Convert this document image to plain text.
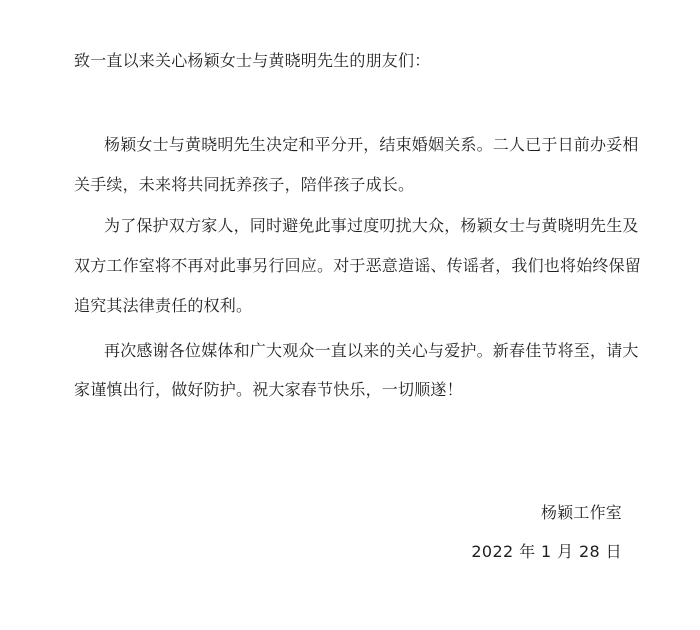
致一直以来关心杨颖女士与黄晓明先生的朋友们：
杨颖女士与黄晓明先生决定和平分开，结束婚姻关系。二人已于日前办妥相
关手续，未来将共同抚养孩子，陪伴孩子成长。
为了保护双方家人，同时避免此事过度叨扰大众，杨颖女士与黄晓明先生及
双方工作室将不再对此事另行回应。对于恶意造谣、传谣者，我们也将始终保留
追究其法律责任的权利。
再次感谢各位媒体和广大观众一直以来的关心与爱护。新春佳节将至，请大
家谨慎出行，做好防护。祝大家春节快乐，一切顺遂！
杨颖工作室
2022 年 1 月 28 日
